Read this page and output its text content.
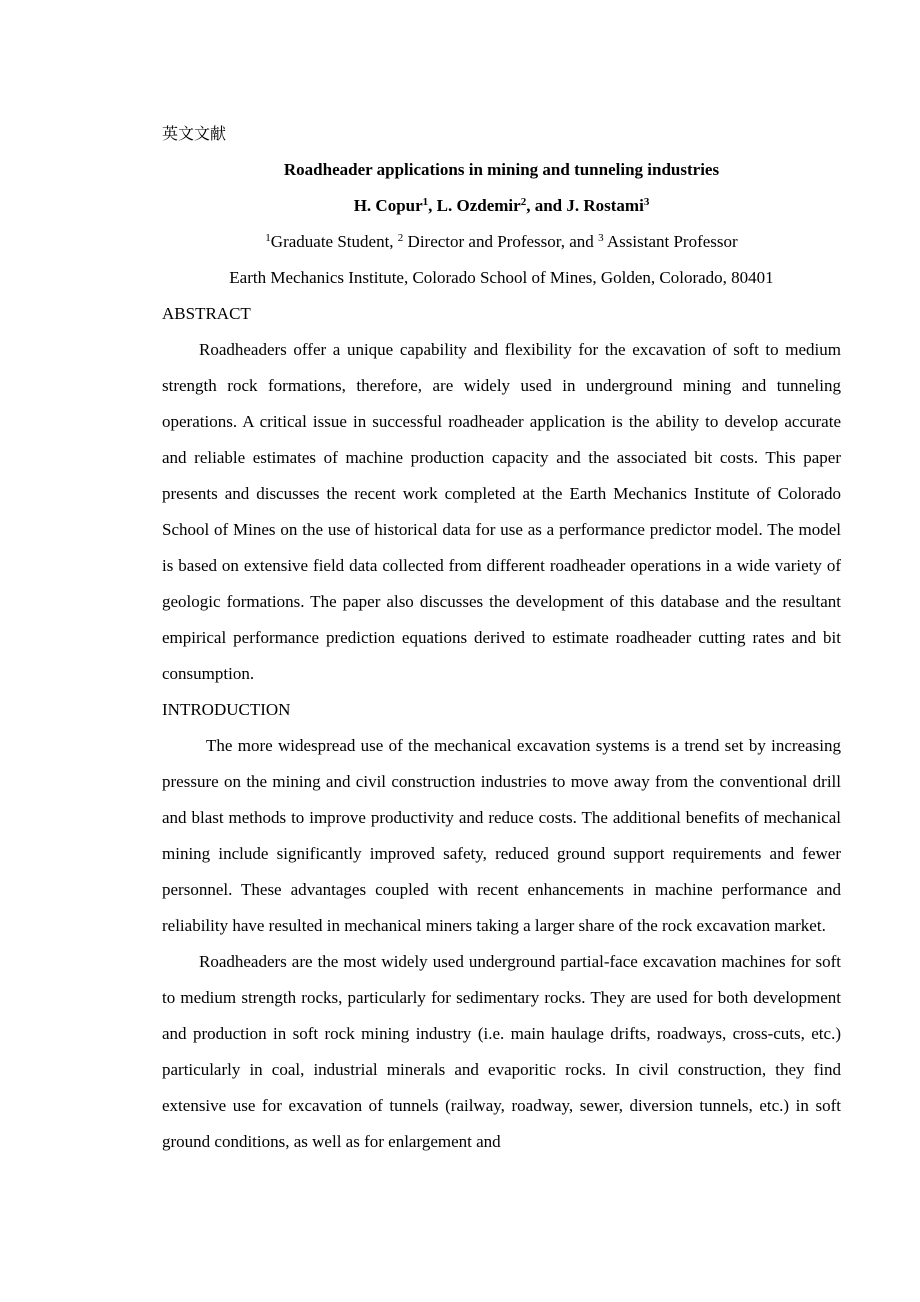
英文文献
Roadheader applications in mining and tunneling industries
H. Copur$^1$, L. Ozdemir$^2$, and J. Rostami$^3$
$^1$Graduate Student, $^2$ Director and Professor, and $^3$ Assistant Professor
Earth Mechanics Institute, Colorado School of Mines, Golden, Colorado, 80401
ABSTRACT

Roadheaders offer a unique capability and flexibility for the excavation of soft to medium strength rock formations, therefore, are widely used in underground mining and tunneling operations. A critical issue in successful roadheader application is the ability to develop accurate and reliable estimates of machine production capacity and the associated bit costs. This paper presents and discusses the recent work completed at the Earth Mechanics Institute of Colorado School of Mines on the use of historical data for use as a performance predictor model. The model is based on extensive field data collected from different roadheader operations in a wide variety of geologic formations. The paper also discusses the development of this database and the resultant empirical performance prediction equations derived to estimate roadheader cutting rates and bit consumption.

INTRODUCTION

The more widespread use of the mechanical excavation systems is a trend set by increasing pressure on the mining and civil construction industries to move away from the conventional drill and blast methods to improve productivity and reduce costs. The additional benefits of mechanical mining include significantly improved safety, reduced ground support requirements and fewer personnel. These advantages coupled with recent enhancements in machine performance and reliability have resulted in mechanical miners taking a larger share of the rock excavation market.

Roadheaders are the most widely used underground partial-face excavation machines for soft to medium strength rocks, particularly for sedimentary rocks. They are used for both development and production in soft rock mining industry (i.e. main haulage drifts, roadways, cross-cuts, etc.) particularly in coal, industrial minerals and evaporitic rocks. In civil construction, they find extensive use for excavation of tunnels (railway, roadway, sewer, diversion tunnels, etc.) in soft ground conditions, as well as for enlargement and
